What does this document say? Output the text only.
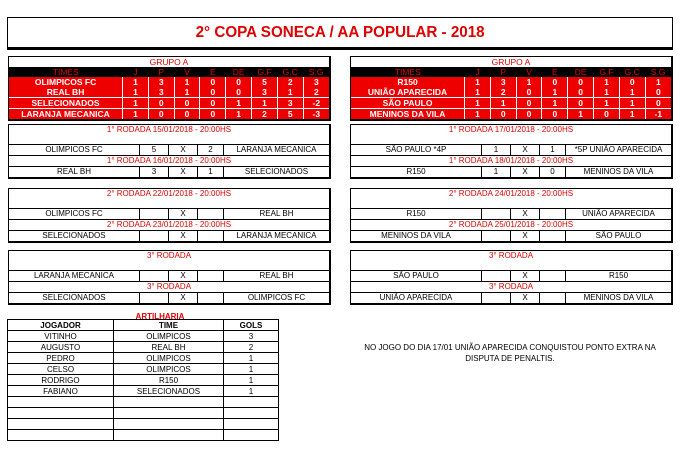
2° COPA SONECA / AA POPULAR - 2018
GRUPO A
TIMES	J	P	V	E	DE	G.F	G.C	S.G
OLIMPICOS FC	1	3	1	0	0	5	2	3
REAL BH	1	3	1	0	0	3	1	2
SELECIONADOS	1	0	0	0	1	1	3	-2
LARANJA MECANICA	1	0	0	0	1	2	5	-3
GRUPO A
TIMES	J	P	V	E	DE	G.F	G.C	S.G
R150	1	3	1	0	0	1	0	1
UNIÃO APARECIDA	1	2	0	1	0	1	1	0
SÃO PAULO	1	1	0	1	0	1	1	0
MENINOS DA VILA	1	0	0	0	1	0	1	-1
1° RODADA 15/01/2018 - 20:00HS
OLIMPICOS FC	5	X	2	LARANJA MECANICA
1° RODADA 16/01/2018 - 20:00HS
REAL BH	3	X	1	SELECIONADOS
2° RODADA 22/01/2018 - 20:00HS
OLIMPICOS FC	X	REAL BH
2° RODADA 23/01/2018 - 20:00HS
SELECIONADOS	X	LARANJA MECANICA
3° RODADA
LARANJA MECANICA	X	REAL BH
3° RODADA
SELECIONADOS	X	OLIMPICOS FC
1° RODADA 17/01/2018 - 20:00HS
SÃO PAULO *4P	1	X	1	*5P UNIÃO APARECIDA
1° RODADA 18/01/2018 - 20:00HS
R150	1	X	0	MENINOS DA VILA
2° RODADA 24/01/2018 - 20:00HS
R150	X	UNIÃO APARECIDA
2° RODADA 25/01/2018 - 20:00HS
MENINOS DA VILA	X	SÃO PAULO
3° RODADA
SÃO PAULO	X	R150
3° RODADA
UNIÃO APARECIDA	X	MENINOS DA VILA
ARTILHARIA
JOGADOR	TIME	GOLS
VITINHO	OLIMPICOS	3
AUGUSTO	REAL BH	2
PEDRO	OLIMPICOS	1
CELSO	OLIMPICOS	1
RODRIGO	R150	1
FABIANO	SELECIONADOS	1

NO JOGO DO DIA 17/01 UNIÃO APARECIDA CONQUISTOU PONTO EXTRA NA
DISPUTA DE PENALTIS.
